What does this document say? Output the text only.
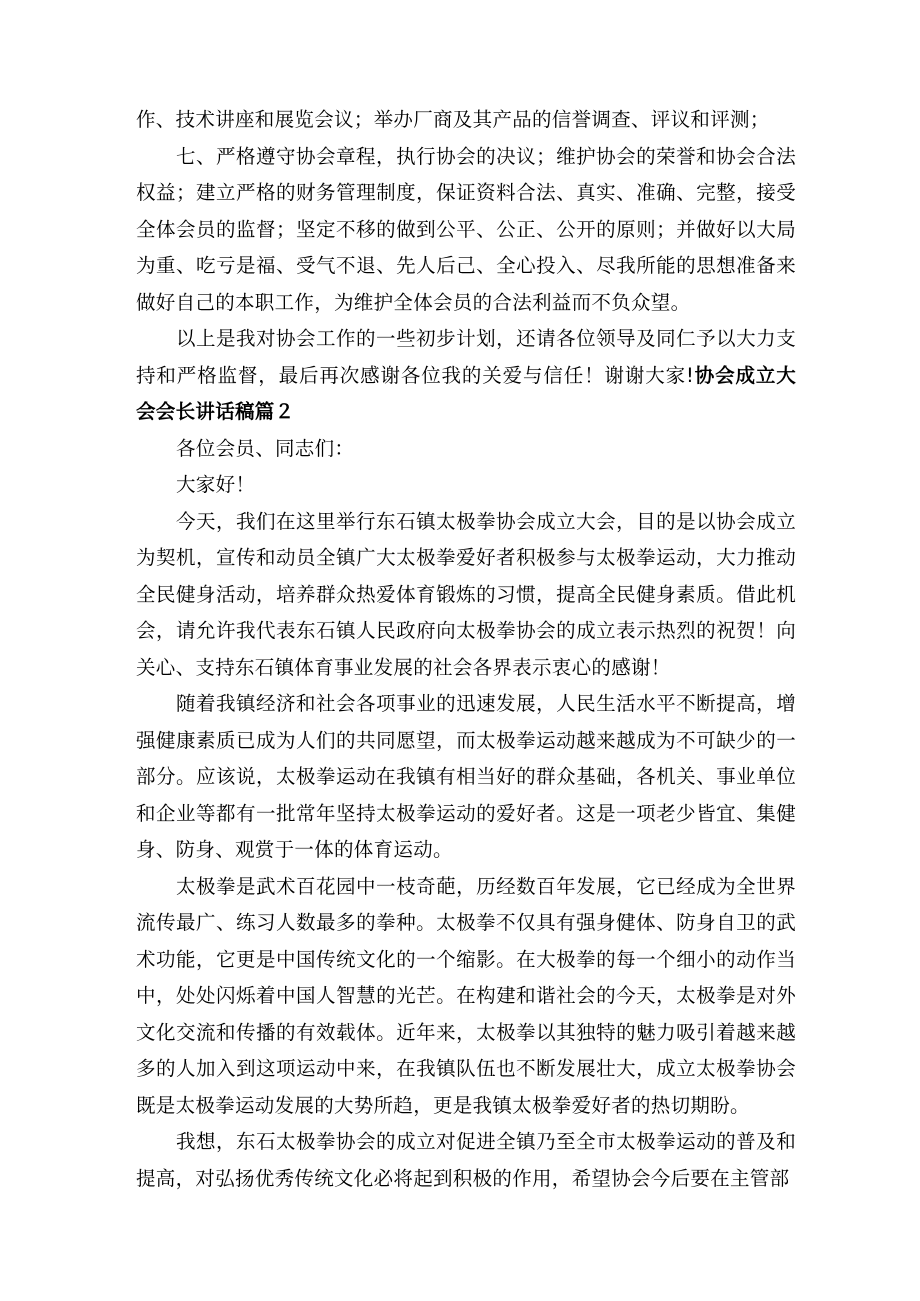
作、技术讲座和展览会议；举办厂商及其产品的信誉调查、评议和评测；

七、严格遵守协会章程，执行协会的决议；维护协会的荣誉和协会合法权益；建立严格的财务管理制度，保证资料合法、真实、准确、完整，接受全体会员的监督；坚定不移的做到公平、公正、公开的原则；并做好以大局为重、吃亏是福、受气不退、先人后己、全心投入、尽我所能的思想准备来做好自己的本职工作，为维护全体会员的合法利益而不负众望。

以上是我对协会工作的一些初步计划，还请各位领导及同仁予以大力支持和严格监督，最后再次感谢各位我的关爱与信任！谢谢大家!协会成立大会会长讲话稿篇２

各位会员、同志们：

大家好！

今天，我们在这里举行东石镇太极拳协会成立大会，目的是以协会成立为契机，宣传和动员全镇广大太极拳爱好者积极参与太极拳运动，大力推动全民健身活动，培养群众热爱体育锻炼的习惯，提高全民健身素质。借此机会，请允许我代表东石镇人民政府向太极拳协会的成立表示热烈的祝贺！向关心、支持东石镇体育事业发展的社会各界表示衷心的感谢！

随着我镇经济和社会各项事业的迅速发展，人民生活水平不断提高，增强健康素质已成为人们的共同愿望，而太极拳运动越来越成为不可缺少的一部分。应该说，太极拳运动在我镇有相当好的群众基础，各机关、事业单位和企业等都有一批常年坚持太极拳运动的爱好者。这是一项老少皆宜、集健身、防身、观赏于一体的体育运动。

太极拳是武术百花园中一枝奇葩，历经数百年发展，它已经成为全世界流传最广、练习人数最多的拳种。太极拳不仅具有强身健体、防身自卫的武术功能，它更是中国传统文化的一个缩影。在大极拳的每一个细小的动作当中，处处闪烁着中国人智慧的光芒。在构建和谐社会的今天，太极拳是对外文化交流和传播的有效载体。近年来，太极拳以其独特的魅力吸引着越来越多的人加入到这项运动中来，在我镇队伍也不断发展壮大，成立太极拳协会既是太极拳运动发展的大势所趋，更是我镇太极拳爱好者的热切期盼。

我想，东石太极拳协会的成立对促进全镇乃至全市太极拳运动的普及和提高，对弘扬优秀传统文化必将起到积极的作用，希望协会今后要在主管部
